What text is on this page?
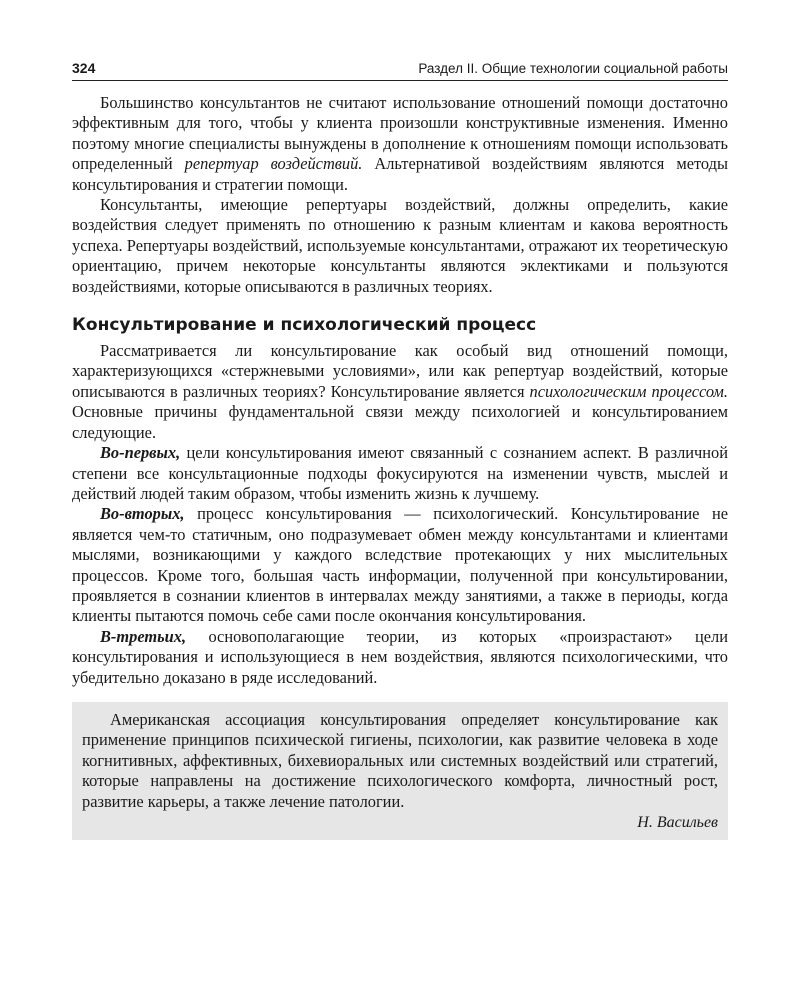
324	Раздел II. Общие технологии социальной работы

Большинство консультантов не считают использование отношений помощи достаточно эффективным для того, чтобы у клиента произошли конструктивные изменения. Именно поэтому многие специалисты вынуждены в дополнение к отношениям помощи использовать определенный репертуар воздействий. Альтернативой воздействиям являются методы консультирования и стратегии помощи.

Консультанты, имеющие репертуары воздействий, должны определить, какие воздействия следует применять по отношению к разным клиентам и какова вероятность успеха. Репертуары воздействий, используемые консультантами, отражают их теоретическую ориентацию, причем некоторые консультанты являются эклектиками и пользуются воздействиями, которые описываются в различных теориях.

Консультирование и психологический процесс

Рассматривается ли консультирование как особый вид отношений помощи, характеризующихся «стержневыми условиями», или как репертуар воздействий, которые описываются в различных теориях? Консультирование является психологическим процессом. Основные причины фундаментальной связи между психологией и консультированием следующие.

Во-первых, цели консультирования имеют связанный с сознанием аспект. В различной степени все консультационные подходы фокусируются на изменении чувств, мыслей и действий людей таким образом, чтобы изменить жизнь к лучшему.

Во-вторых, процесс консультирования — психологический. Консультирование не является чем-то статичным, оно подразумевает обмен между консультантами и клиентами мыслями, возникающими у каждого вследствие протекающих у них мыслительных процессов. Кроме того, большая часть информации, полученной при консультировании, проявляется в сознании клиентов в интервалах между занятиями, а также в периоды, когда клиенты пытаются помочь себе сами после окончания консультирования.

В-третьих, основополагающие теории, из которых «произрастают» цели консультирования и использующиеся в нем воздействия, являются психологическими, что убедительно доказано в ряде исследований.

Американская ассоциация консультирования определяет консультирование как применение принципов психической гигиены, психологии, как развитие человека в ходе когнитивных, аффективных, бихевиоральных или системных воздействий или стратегий, которые направлены на достижение психологического комфорта, личностный рост, развитие карьеры, а также лечение патологии.

Н. Васильев
